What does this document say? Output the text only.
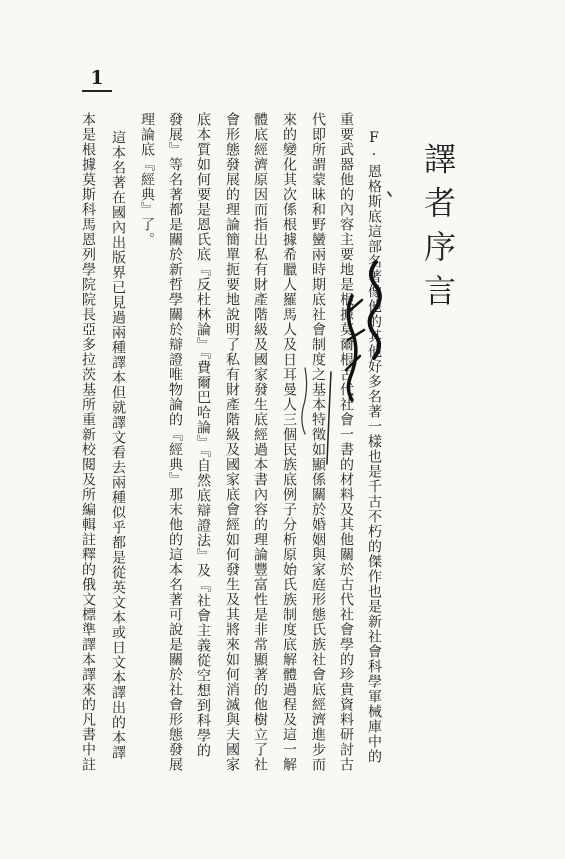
1
譯者序言
F·恩格斯底這部名著像他的其他好多名著一樣也是千古不朽的傑作也是新社會科學軍械庫中的
重要武器他的內容主要地是根據莫爾根古代社會一書的材料及其他關於古代社會學的珍貴資料研討古
代即所謂蒙昧和野蠻兩時期底社會制度之基本特徵如顯係關於婚姻與家庭形態氏族社會底經濟進步而
來的變化其次係根據希臘人羅馬人及日耳曼人三個民族底例子分析原始氏族制度底解體過程及這一解
體底經濟原因而指出私有財產階級及國家發生底經過本書內容的理論豐富性是非常顯著的他樹立了社
會形態發展的理論簡單扼要地說明了私有財產階級及國家底會經如何發生及其將來如何消滅與夫國家
底本質如何要是恩氏底『反杜林論』『費爾巴哈論』『自然底辯證法』及『社會主義從空想到科學的
發展』等名著都是關於新哲學關於辯證唯物論的『經典』那末他的這本名著可說是關於社會形態發展
理論底『經典』了。
這本名著在國內出版界已見過兩種譯本但就譯文看去兩種似乎都是從英文本或日文本譯出的本譯
本是根據莫斯科馬恩列學院院長亞多拉茨基所重新校閱及所編輯註釋的俄文標準譯本譯來的凡書中註
